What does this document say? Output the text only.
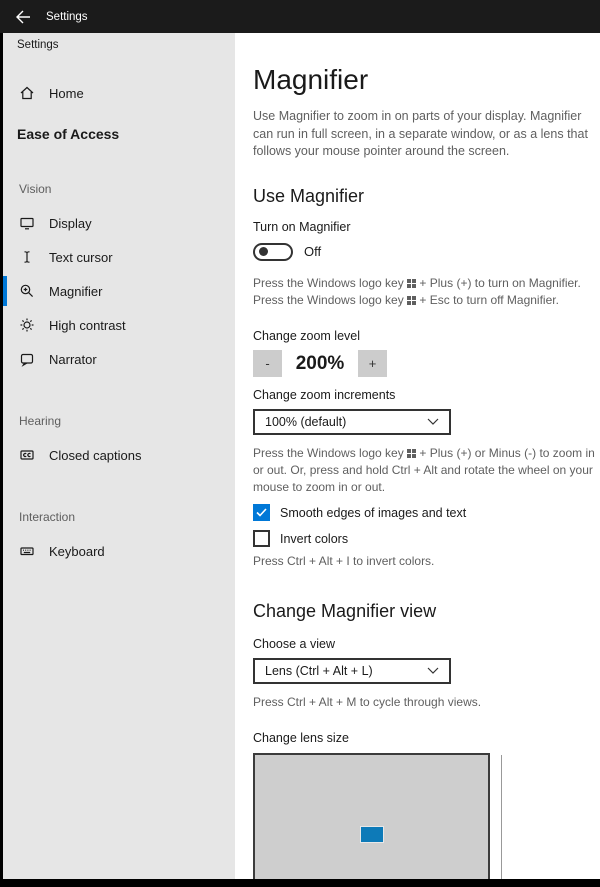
Settings
Settings
Home
Ease of Access
Vision
Display
Text cursor
Magnifier
High contrast
Narrator
Hearing
Closed captions
Interaction
Keyboard
Magnifier

Use Magnifier to zoom in on parts of your display. Magnifier can run in full screen, in a separate window, or as a lens that follows your mouse pointer around the screen.

Use Magnifier
Turn on Magnifier
Off

Press the Windows logo key + Plus (+) to turn on Magnifier.
Press the Windows logo key + Esc to turn off Magnifier.

Change zoom level
-	200%	+
Change zoom increments
100% (default)

Press the Windows logo key + Plus (+) or Minus (-) to zoom in or out. Or, press and hold Ctrl + Alt and rotate the wheel on your mouse to zoom in or out.

Smooth edges of images and text
Invert colors

Press Ctrl + Alt + I to invert colors.

Change Magnifier view
Choose a view
Lens (Ctrl + Alt + L)

Press Ctrl + Alt + M to cycle through views.

Change lens size
